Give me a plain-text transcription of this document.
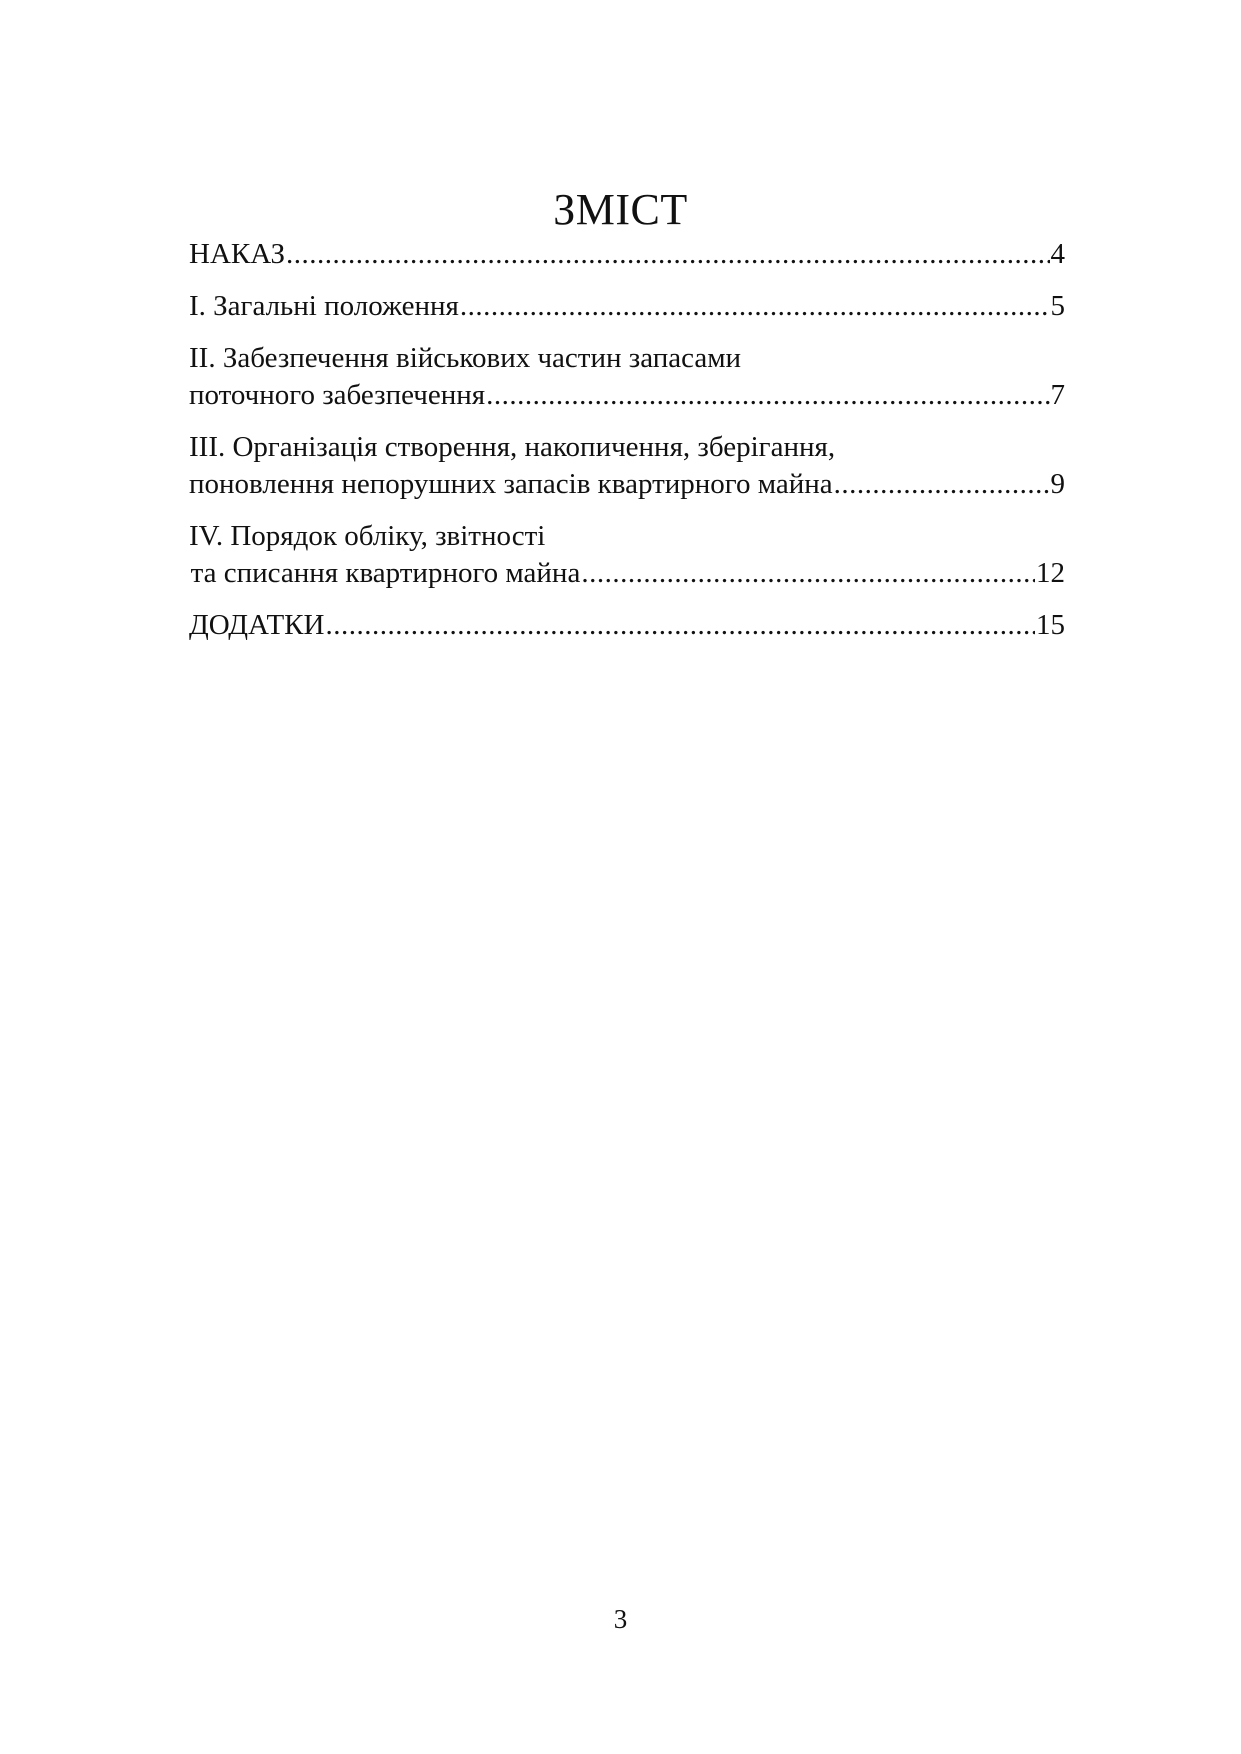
ЗМІСТ
НАКАЗ .....	4
І. Загальні положення .....	5
ІІ. Забезпечення військових частин запасами
поточного забезпечення .....	7
ІІІ. Організація створення, накопичення, зберігання,
поновлення непорушних запасів квартирного майна .....	9
ІV. Порядок обліку, звітності
та списання квартирного майна .....	12
ДОДАТКИ .....	15
3
